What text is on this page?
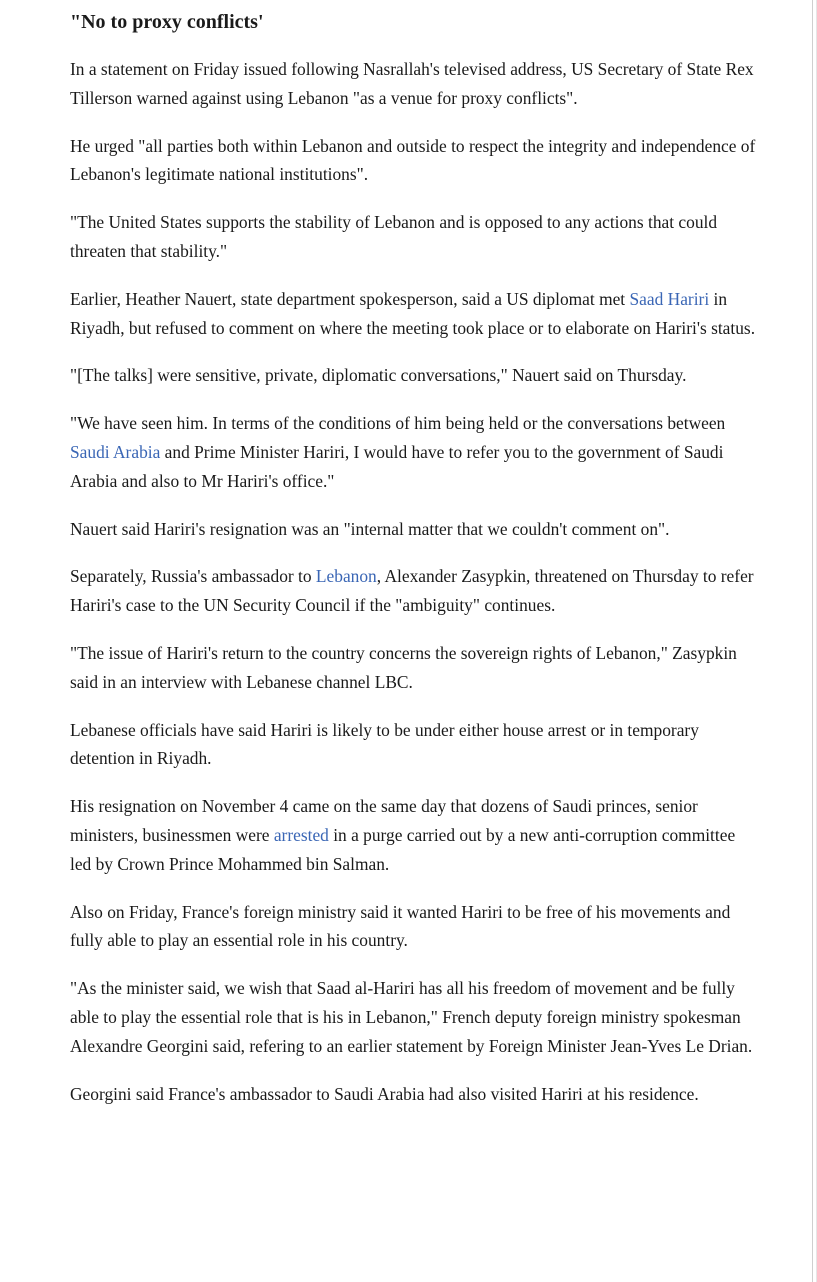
"No to proxy conflicts'

In a statement on Friday issued following Nasrallah's televised address, US Secretary of State Rex Tillerson warned against using Lebanon "as a venue for proxy conflicts".

He urged "all parties both within Lebanon and outside to respect the integrity and independence of Lebanon's legitimate national institutions".

"The United States supports the stability of Lebanon and is opposed to any actions that could threaten that stability."

Earlier, Heather Nauert, state department spokesperson, said a US diplomat met Saad Hariri in Riyadh, but refused to comment on where the meeting took place or to elaborate on Hariri's status.

"[The talks] were sensitive, private, diplomatic conversations," Nauert said on Thursday.

"We have seen him. In terms of the conditions of him being held or the conversations between Saudi Arabia and Prime Minister Hariri, I would have to refer you to the government of Saudi Arabia and also to Mr Hariri's office."

Nauert said Hariri's resignation was an "internal matter that we couldn't comment on".

Separately, Russia's ambassador to Lebanon, Alexander Zasypkin, threatened on Thursday to refer Hariri's case to the UN Security Council if the "ambiguity" continues.

"The issue of Hariri's return to the country concerns the sovereign rights of Lebanon," Zasypkin said in an interview with Lebanese channel LBC.

Lebanese officials have said Hariri is likely to be under either house arrest or in temporary detention in Riyadh.

His resignation on November 4 came on the same day that dozens of Saudi princes, senior ministers, businessmen were arrested in a purge carried out by a new anti-corruption committee led by Crown Prince Mohammed bin Salman.

Also on Friday, France's foreign ministry said it wanted Hariri to be free of his movements and fully able to play an essential role in his country.

"As the minister said, we wish that Saad al-Hariri has all his freedom of movement and be fully able to play the essential role that is his in Lebanon," French deputy foreign ministry spokesman Alexandre Georgini said, refering to an earlier statement by Foreign Minister Jean-Yves Le Drian.

Georgini said France's ambassador to Saudi Arabia had also visited Hariri at his residence.
